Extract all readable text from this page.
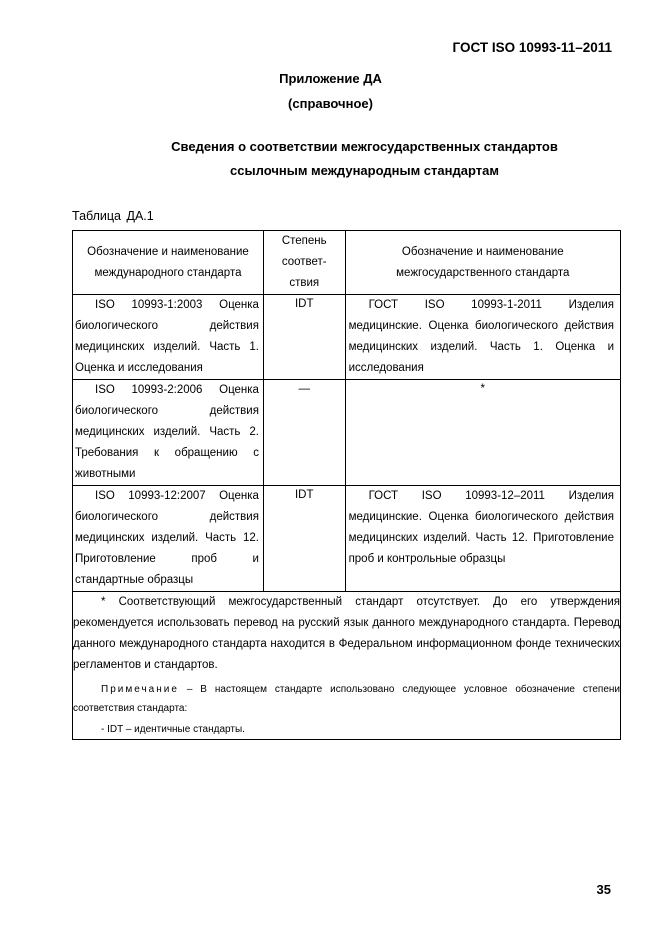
ГОСТ ISO 10993-11–2011
Приложение ДА
(справочное)
Сведения о соответствии межгосударственных стандартов
ссылочным международным стандартам
Таблица ДА.1
Обозначение и наименование международного стандарта	Степень соответ-ствия	Обозначение и наименование межгосударственного стандарта

ISO 10993-1:2003 Оценка биологического действия медицинских изделий. Часть 1. Оценка и исследования	IDT	ГОСТ ISO 10993-1-2011 Изделия медицинские. Оценка биологического действия медицинских изделий. Часть 1. Оценка и исследования

ISO 10993-2:2006 Оценка биологического действия медицинских изделий. Часть 2. Требования к обращению с животными	—	*

ISO 10993-12:2007 Оценка биологического действия медицинских изделий. Часть 12. Приготовление проб и стандартные образцы	IDT	ГОСТ ISO 10993-12–2011 Изделия медицинские. Оценка биологического действия медицинских изделий. Часть 12. Приготовление проб и контрольные образцы

* Соответствующий межгосударственный стандарт отсутствует. До его утверждения рекомендуется использовать перевод на русский язык данного международного стандарта. Перевод данного международного стандарта находится в Федеральном информационном фонде технических регламентов и стандартов.

Примечание – В настоящем стандарте использовано следующее условное обозначение степени соответствия стандарта:

- IDT – идентичные стандарты.		

35
